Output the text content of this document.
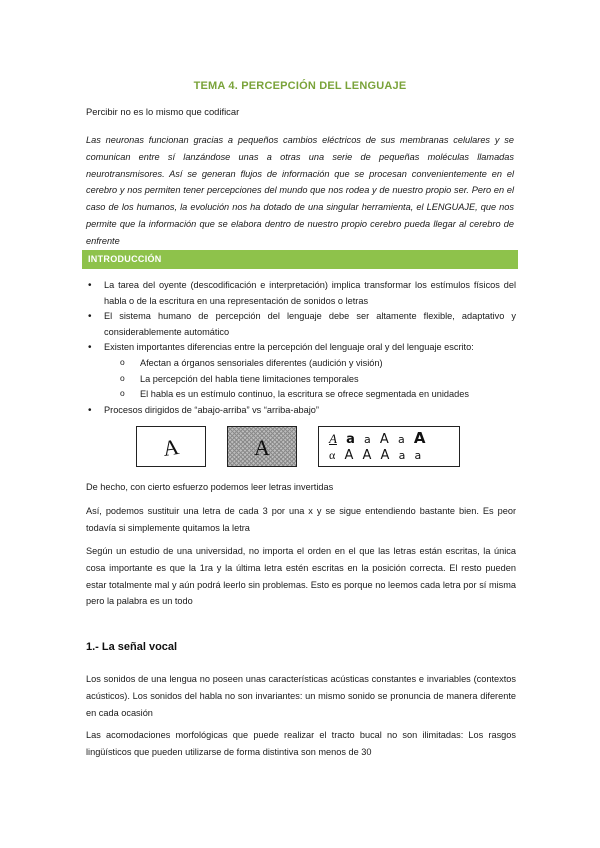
TEMA 4. PERCEPCIÓN DEL LENGUAJE
Percibir no es lo mismo que codificar

Las neuronas funcionan gracias a pequeños cambios eléctricos de sus membranas celulares y se comunican entre sí lanzándose unas a otras una serie de pequeñas moléculas llamadas neurotransmisores. Así se generan flujos de información que se procesan convenientemente en el cerebro y nos permiten tener percepciones del mundo que nos rodea y de nuestro propio ser. Pero en el caso de los humanos, la evolución nos ha dotado de una singular herramienta, el LENGUAJE, que nos permite que la información que se elabora dentro de nuestro propio cerebro pueda llegar al cerebro de enfrente

INTRODUCCIÓN
• La tarea del oyente (descodificación e interpretación) implica transformar los estímulos físicos del habla o de la escritura en una representación de sonidos o letras
• El sistema humano de percepción del lenguaje debe ser altamente flexible, adaptativo y considerablemente automático
• Existen importantes diferencias entre la percepción del lenguaje oral y del lenguaje escrito:
o Afectan a órganos sensoriales diferentes (audición y visión)
o La percepción del habla tiene limitaciones temporales
o El habla es un estímulo continuo, la escritura se ofrece segmentada en unidades
• Procesos dirigidos de “abajo-arriba” vs “arriba-abajo”
A	A	A a a A a A
α A A A a a

De hecho, con cierto esfuerzo podemos leer letras invertidas

Así, podemos sustituir una letra de cada 3 por una x y se sigue entendiendo bastante bien. Es peor todavía si simplemente quitamos la letra

Según un estudio de una universidad, no importa el orden en el que las letras están escritas, la única cosa importante es que la 1ra y la última letra estén escritas en la posición correcta. El resto pueden estar totalmente mal y aún podrá leerlo sin problemas. Esto es porque no leemos cada letra por sí misma pero la palabra es un todo

1.- La señal vocal

Los sonidos de una lengua no poseen unas características acústicas constantes e invariables (contextos acústicos). Los sonidos del habla no son invariantes: un mismo sonido se pronuncia de manera diferente en cada ocasión

Las acomodaciones morfológicas que puede realizar el tracto bucal no son ilimitadas: Los rasgos lingüísticos que pueden utilizarse de forma distintiva son menos de 30
